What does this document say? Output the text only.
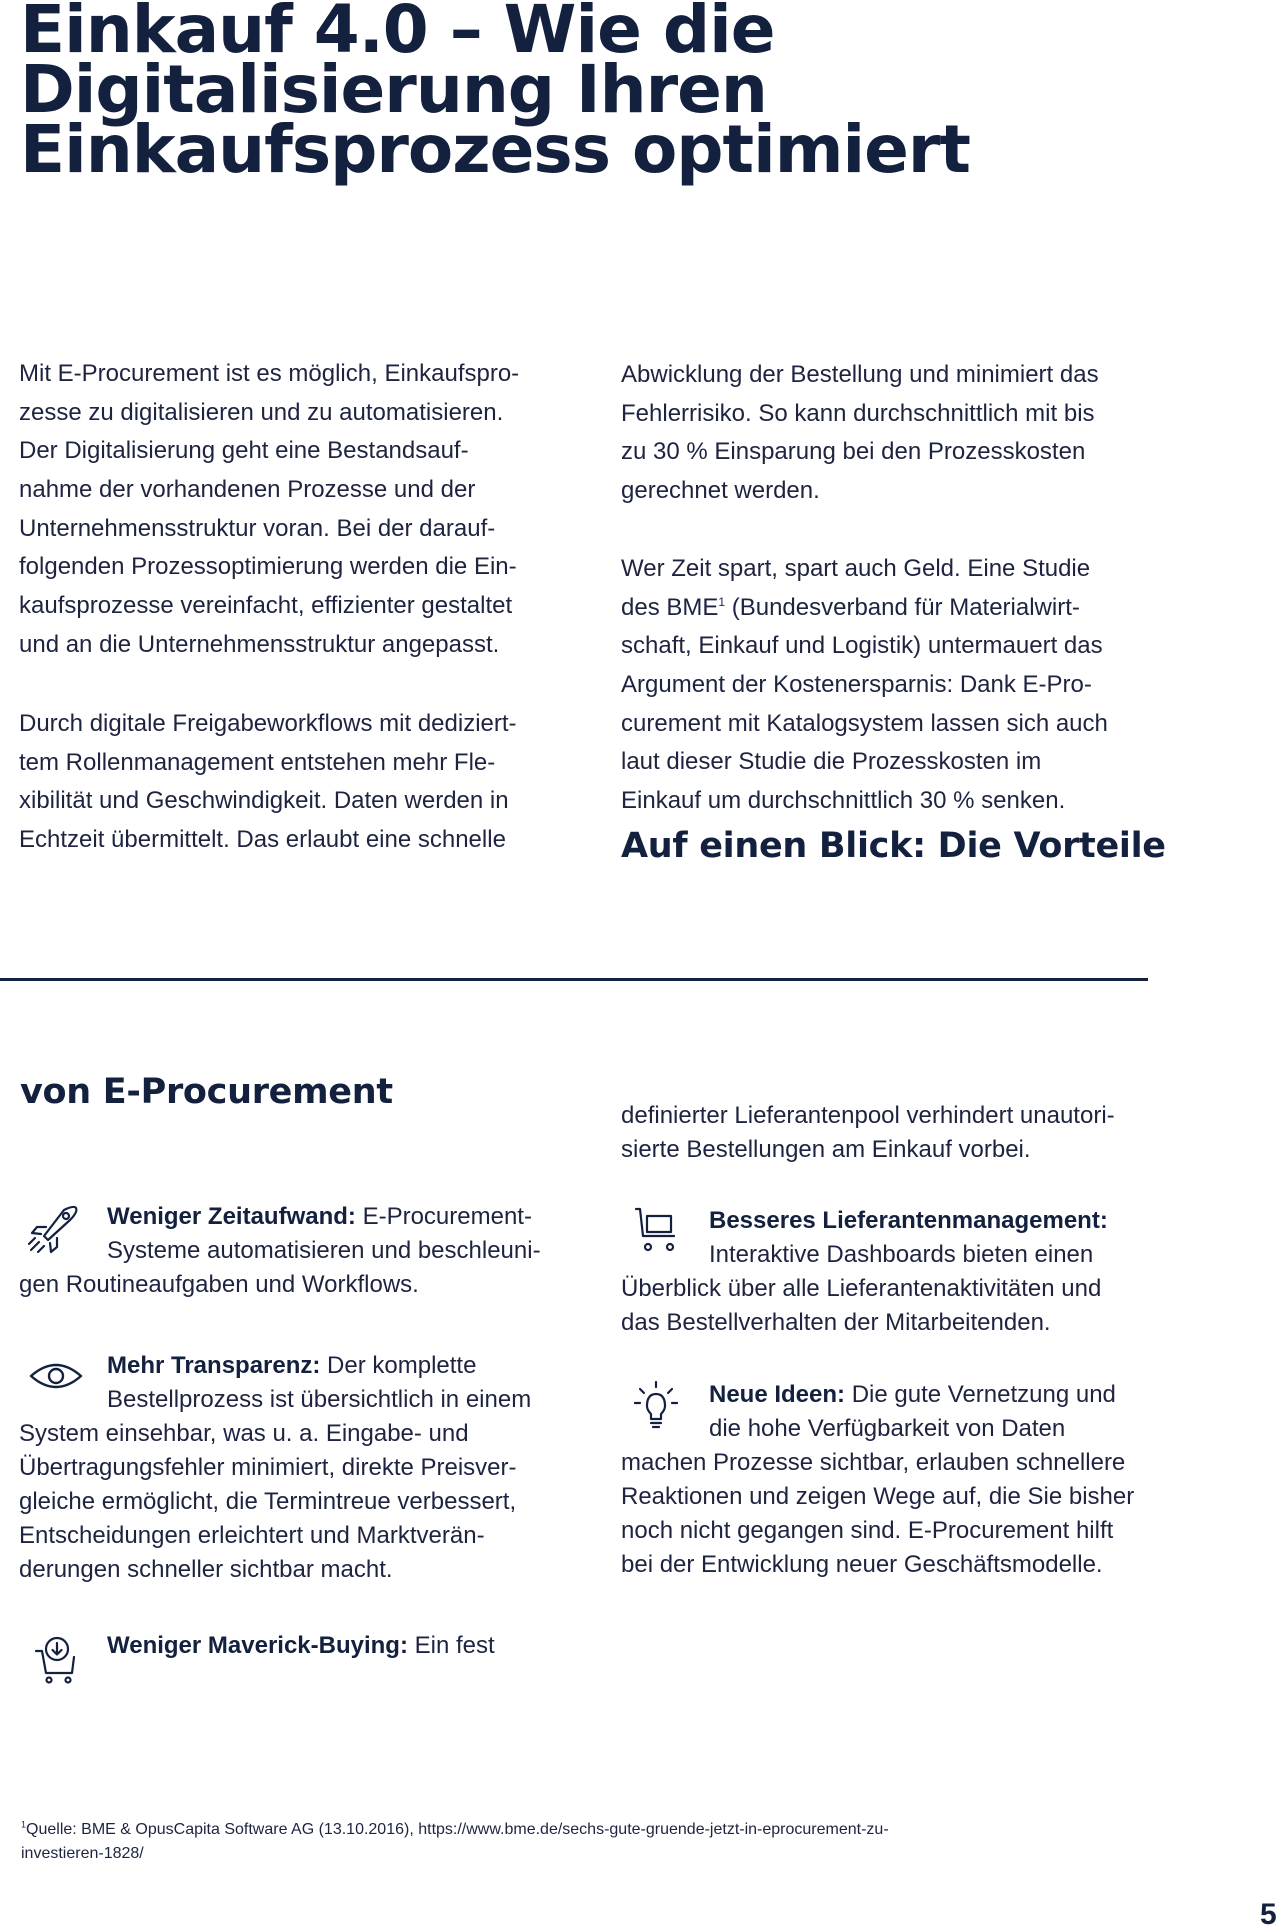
Einkauf 4.0 – Wie die
Digitalisierung Ihren
Einkaufsprozess optimiert
Mit E-Procurement ist es möglich, Einkaufspro-
zesse zu digitalisieren und zu automatisieren.
Der Digitalisierung geht eine Bestandsauf-
nahme der vorhandenen Prozesse und der
Unternehmensstruktur voran. Bei der darauf-
folgenden Prozessoptimierung werden die Ein-
kaufsprozesse vereinfacht, effizienter gestaltet
und an die Unternehmensstruktur angepasst.
Durch digitale Freigabeworkflows mit dediziert-
tem Rollenmanagement entstehen mehr Fle-
xibilität und Geschwindigkeit. Daten werden in
Echtzeit übermittelt. Das erlaubt eine schnelle
Abwicklung der Bestellung und minimiert das
Fehlerrisiko. So kann durchschnittlich mit bis
zu 30 % Einsparung bei den Prozesskosten
gerechnet werden.
Wer Zeit spart, spart auch Geld. Eine Studie
des BME$^1$ (Bundesverband für Materialwirt-
schaft, Einkauf und Logistik) untermauert das
Argument der Kostenersparnis: Dank E-Pro-
curement mit Katalogsystem lassen sich auch
laut dieser Studie die Prozesskosten im
Einkauf um durchschnittlich 30 % senken.
Auf einen Blick: Die Vorteile
von E-Procurement
Weniger Zeitaufwand: E-Procurement-
Systeme automatisieren und beschleuni-
gen Routineaufgaben und Workflows.
Mehr Transparenz: Der komplette
Bestellprozess ist übersichtlich in einem
System einsehbar, was u. a. Eingabe- und
Übertragungsfehler minimiert, direkte Preisver-
gleiche ermöglicht, die Termintreue verbessert,
Entscheidungen erleichtert und Marktverän-
derungen schneller sichtbar macht.
Weniger Maverick-Buying: Ein fest
definierter Lieferantenpool verhindert unautori-
sierte Bestellungen am Einkauf vorbei.
Besseres Lieferantenmanagement:
Interaktive Dashboards bieten einen
Überblick über alle Lieferantenaktivitäten und
das Bestellverhalten der Mitarbeitenden.
Neue Ideen: Die gute Vernetzung und
die hohe Verfügbarkeit von Daten
machen Prozesse sichtbar, erlauben schnellere
Reaktionen und zeigen Wege auf, die Sie bisher
noch nicht gegangen sind. E-Procurement hilft
bei der Entwicklung neuer Geschäftsmodelle.
$^1$Quelle: BME & OpusCapita Software AG (13.10.2016), https://www.bme.de/sechs-gute-gruende-jetzt-in-eprocurement-zu-
investieren-1828/
5
